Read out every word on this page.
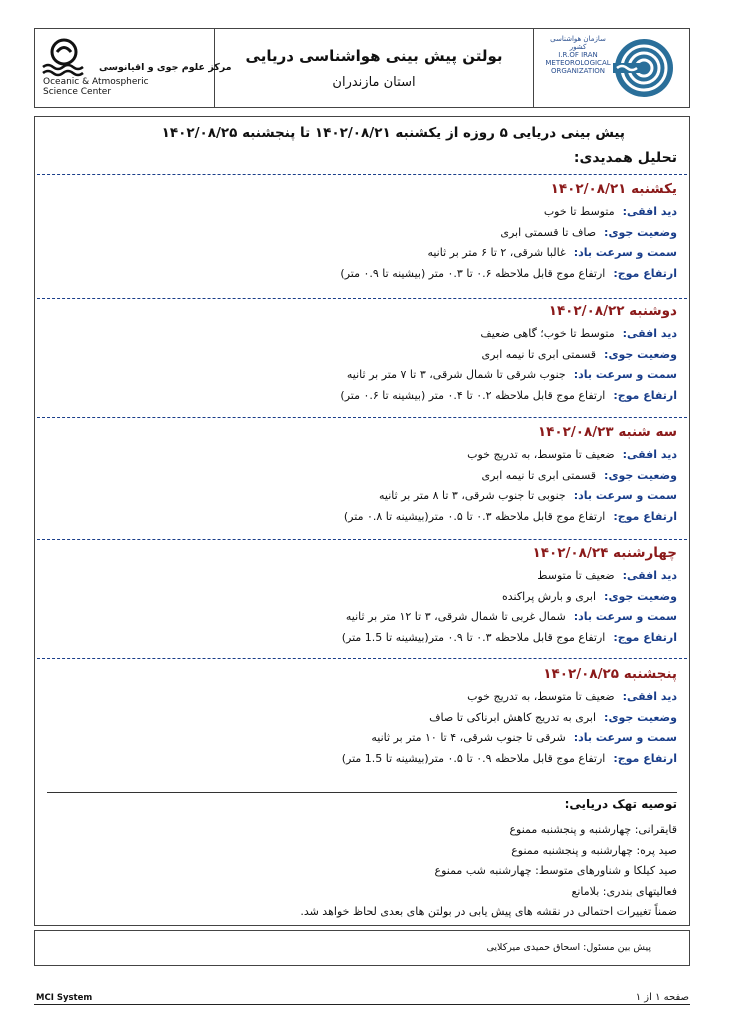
مرکز علوم جوی و اقیانوسی
Oceanic & Atmospheric
Science Center
بولتن پیش بینی هواشناسی دریایی
استان مازندران
سازمان هواشناسی کشور
I.R.OF IRAN
METEOROLOGICAL
ORGANIZATION
پیش بینی دریایی ۵ روزه از یکشنبه ۱۴۰۲/۰۸/۲۱ تا پنجشنبه ۱۴۰۲/۰۸/۲۵
تحلیل همدیدی:
یکشنبه ۱۴۰۲/۰۸/۲۱
دید افقی:متوسط تا خوب
وضعیت جوی:صاف تا قسمتی ابری
سمت و سرعت باد:غالبا شرقی، ۲ تا ۶ متر بر ثانیه
ارتفاع موج:ارتفاع موج قابل ملاحظه ۰.۶ تا ۰.۳ متر (بیشینه تا ۰.۹ متر)
دوشنبه ۱۴۰۲/۰۸/۲۲
دید افقی:متوسط تا خوب؛ گاهی ضعیف
وضعیت جوی:قسمتی ابری تا نیمه ابری
سمت و سرعت باد:جنوب شرقی تا شمال شرقی، ۳ تا ۷ متر بر ثانیه
ارتفاع موج:ارتفاع موج قابل ملاحظه ۰.۲ تا ۰.۴ متر (بیشینه تا ۰.۶ متر)
سه شنبه ۱۴۰۲/۰۸/۲۳
دید افقی:ضعیف تا متوسط، به تدریج خوب
وضعیت جوی:قسمتی ابری تا نیمه ابری
سمت و سرعت باد:جنوبی تا جنوب شرقی، ۳ تا ۸ متر بر ثانیه
ارتفاع موج:ارتفاع موج قابل ملاحظه ۰.۳ تا ۰.۵ متر(بیشینه تا ۰.۸ متر)
چهارشنبه ۱۴۰۲/۰۸/۲۴
دید افقی:ضعیف تا متوسط
وضعیت جوی:ابری و بارش پراکنده
سمت و سرعت باد:شمال غربی تا شمال شرقی، ۳ تا ۱۲ متر بر ثانیه
ارتفاع موج:ارتفاع موج قابل ملاحظه ۰.۳ تا ۰.۹ متر(بیشینه تا 1.5 متر)
پنجشنبه ۱۴۰۲/۰۸/۲۵
دید افقی:ضعیف تا متوسط، به تدریج خوب
وضعیت جوی:ابری به تدریج کاهش ابرناکی تا صاف
سمت و سرعت باد:شرقی تا جنوب شرقی، ۴ تا ۱۰ متر بر ثانیه
ارتفاع موج:ارتفاع موج قابل ملاحظه ۰.۹ تا ۰.۵ متر(بیشینه تا 1.5 متر)
توصیه تهک دریایی:
قایقرانی: چهارشنبه و پنجشنبه ممنوع
صید پره: چهارشنبه و پنجشنبه ممنوع
صید کیلکا و شناورهای متوسط: چهارشنبه شب ممنوع
فعالیتهای بندری: بلامانع
ضمناً تغییرات احتمالی در نقشه های پیش یابی در بولتن های بعدی لحاظ خواهد شد.
پیش بین مسئول: اسحاق حمیدی میرکلایی
MCI System	صفحه ۱ از ۱
